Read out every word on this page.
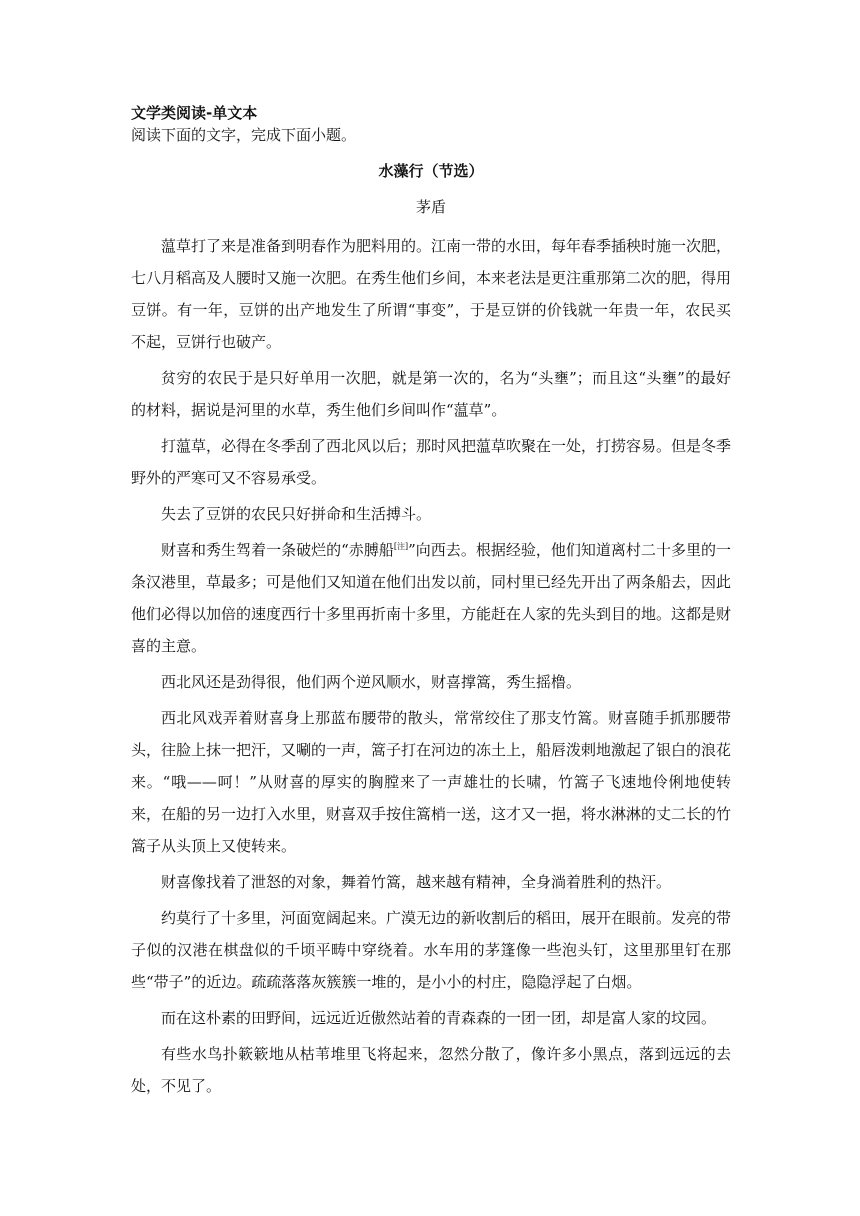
文学类阅读-单文本

阅读下面的文字，完成下面小题。

水藻行（节选）

茅盾

蕰草打了来是准备到明春作为肥料用的。江南一带的水田，每年春季插秧时施一次肥，七八月稻高及人腰时又施一次肥。在秀生他们乡间，本来老法是更注重那第二次的肥，得用豆饼。有一年，豆饼的出产地发生了所谓“事变”，于是豆饼的价钱就一年贵一年，农民买不起，豆饼行也破产。

贫穷的农民于是只好单用一次肥，就是第一次的，名为“头壅”；而且这“头壅”的最好的材料，据说是河里的水草，秀生他们乡间叫作“蕰草”。

打蕰草，必得在冬季刮了西北风以后；那时风把蕰草吹聚在一处，打捞容易。但是冬季野外的严寒可又不容易承受。

失去了豆饼的农民只好拼命和生活搏斗。

财喜和秀生驾着一条破烂的“赤膊船[注]”向西去。根据经验，他们知道离村二十多里的一条汉港里，草最多；可是他们又知道在他们出发以前，同村里已经先开出了两条船去，因此他们必得以加倍的速度西行十多里再折南十多里，方能赶在人家的先头到目的地。这都是财喜的主意。

西北风还是劲得很，他们两个逆风顺水，财喜撑篙，秀生摇橹。

西北风戏弄着财喜身上那蓝布腰带的散头，常常绞住了那支竹篙。财喜随手抓那腰带头，往脸上抹一把汗，又唰的一声，篙子打在河边的冻土上，船唇泼剌地激起了银白的浪花来。“哦——呵！”从财喜的厚实的胸膛来了一声雄壮的长啸，竹篙子飞速地伶俐地使转来，在船的另一边打入水里，财喜双手按住篙梢一送，这才又一挹，将水淋淋的丈二长的竹篙子从头顶上又使转来。

财喜像找着了泄怒的对象，舞着竹篙，越来越有精神，全身淌着胜利的热汗。

约莫行了十多里，河面宽阔起来。广漠无边的新收割后的稻田，展开在眼前。发亮的带子似的汉港在棋盘似的千顷平畴中穿绕着。水车用的茅篷像一些泡头钉，这里那里钉在那些“带子”的近边。疏疏落落灰簇簇一堆的，是小小的村庄，隐隐浮起了白烟。

而在这朴素的田野间，远远近近傲然站着的青森森的一团一团，却是富人家的坟园。

有些水鸟扑簌簌地从枯苇堆里飞将起来，忽然分散了，像许多小黑点，落到远远的去处，不见了。
